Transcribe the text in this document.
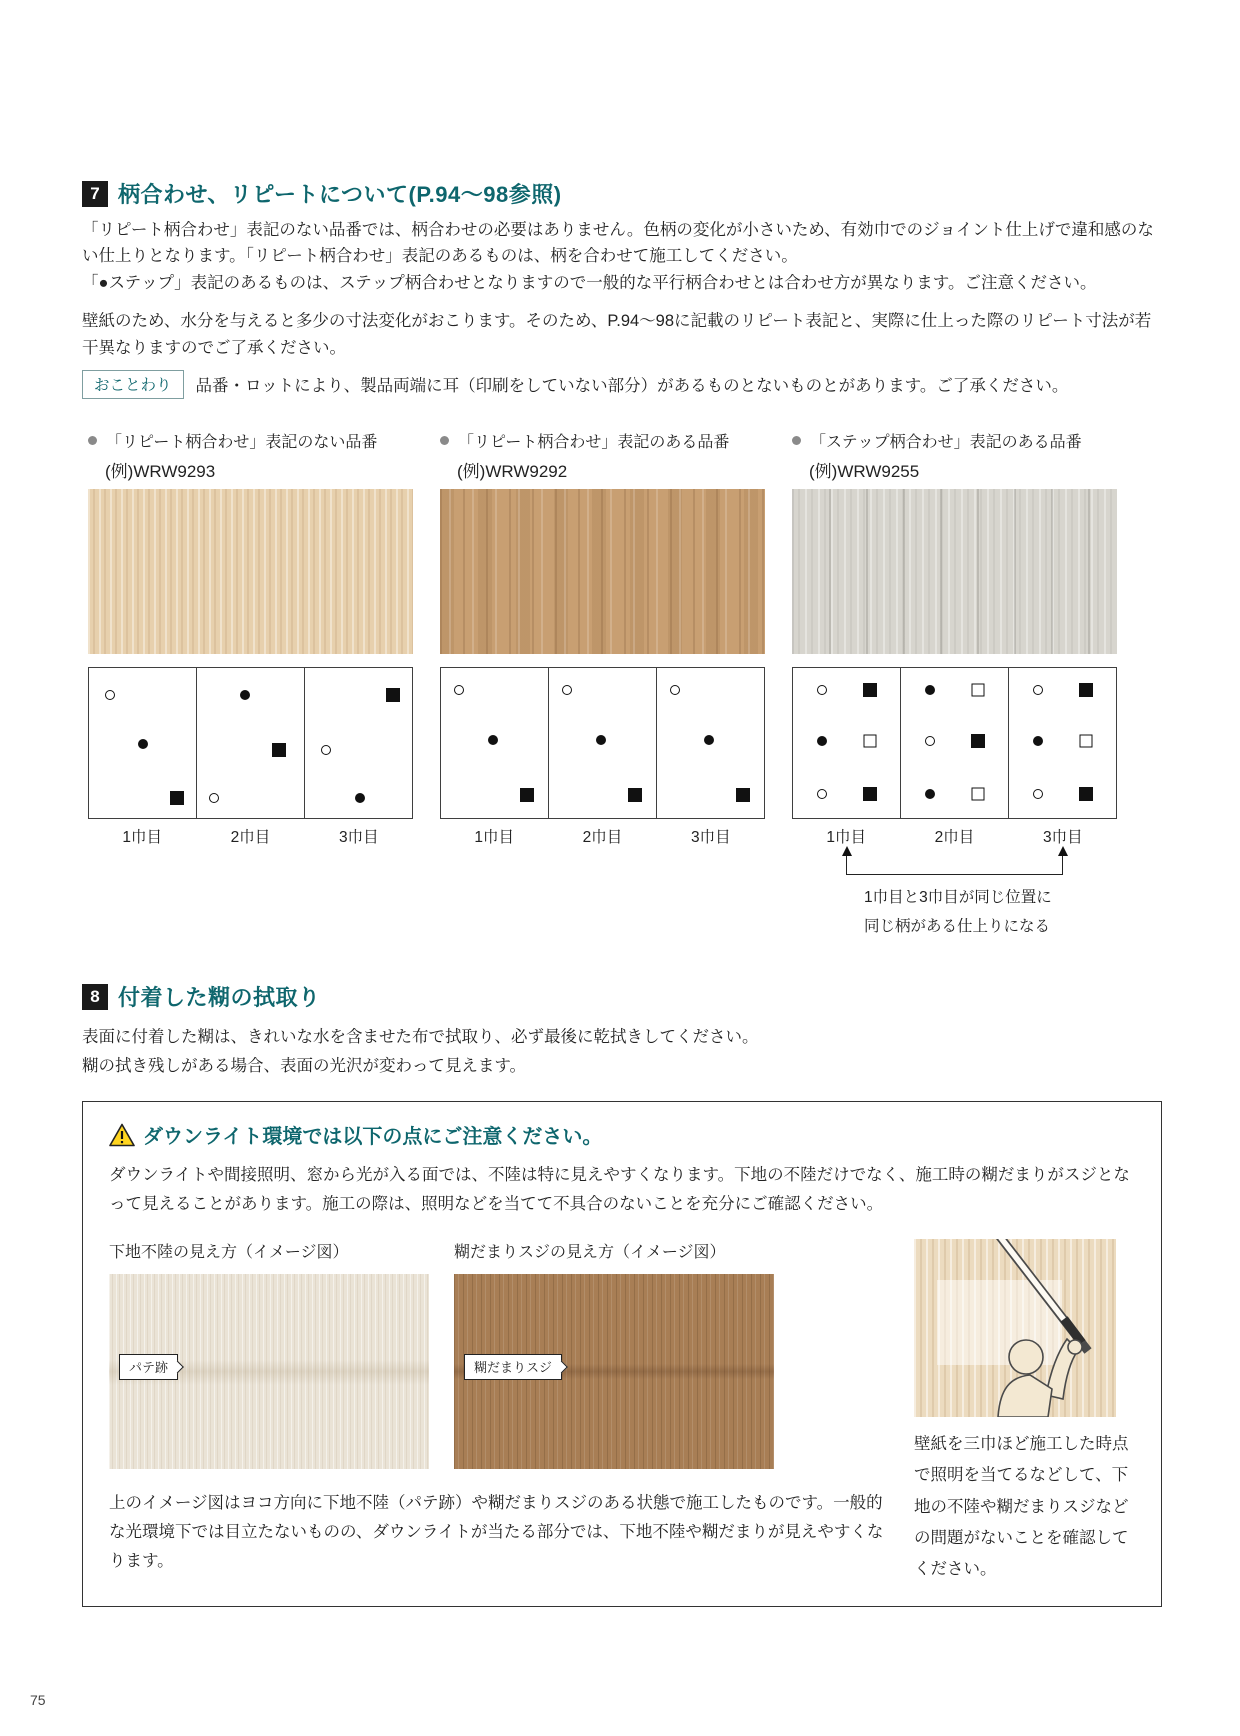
7 柄合わせ、リピートについて(P.94～98参照)

「リピート柄合わせ」表記のない品番では、柄合わせの必要はありません。色柄の変化が小さいため、有効巾でのジョイント仕上げで違和感のない仕上りとなります。「リピート柄合わせ」表記のあるものは、柄を合わせて施工してください。

「●ステップ」表記のあるものは、ステップ柄合わせとなりますので一般的な平行柄合わせとは合わせ方が異なります。ご注意ください。

壁紙のため、水分を与えると多少の寸法変化がおこります。そのため、P.94～98に記載のリピート表記と、実際に仕上った際のリピート寸法が若干異なりますのでご了承ください。

おことわり	品番・ロットにより、製品両端に耳（印刷をしていない部分）があるものとないものとがあります。ご了承ください。
「リピート柄合わせ」表記のない品番
(例)WRW9293
1巾目	2巾目	3巾目
「リピート柄合わせ」表記のある品番
(例)WRW9292
1巾目	2巾目	3巾目
「ステップ柄合わせ」表記のある品番
(例)WRW9255
1巾目	2巾目	3巾目
1巾目と3巾目が同じ位置に
同じ柄がある仕上りになる
8 付着した糊の拭取り

表面に付着した糊は、きれいな水を含ませた布で拭取り、必ず最後に乾拭きしてください。

糊の拭き残しがある場合、表面の光沢が変わって見えます。

ダウンライト環境では以下の点にご注意ください。

ダウンライトや間接照明、窓から光が入る面では、不陸は特に見えやすくなります。下地の不陸だけでなく、施工時の糊だまりがスジとなって見えることがあります。施工の際は、照明などを当てて不具合のないことを充分にご確認ください。

下地不陸の見え方（イメージ図）	糊だまりスジの見え方（イメージ図）
パテ跡	糊だまりスジ

上のイメージ図はヨコ方向に下地不陸（パテ跡）や糊だまりスジのある状態で施工したものです。一般的な光環境下では目立たないものの、ダウンライトが当たる部分では、下地不陸や糊だまりが見えやすくなります。

壁紙を三巾ほど施工した時点で照明を当てるなどして、下地の不陸や糊だまりスジなどの問題がないことを確認してください。

75
